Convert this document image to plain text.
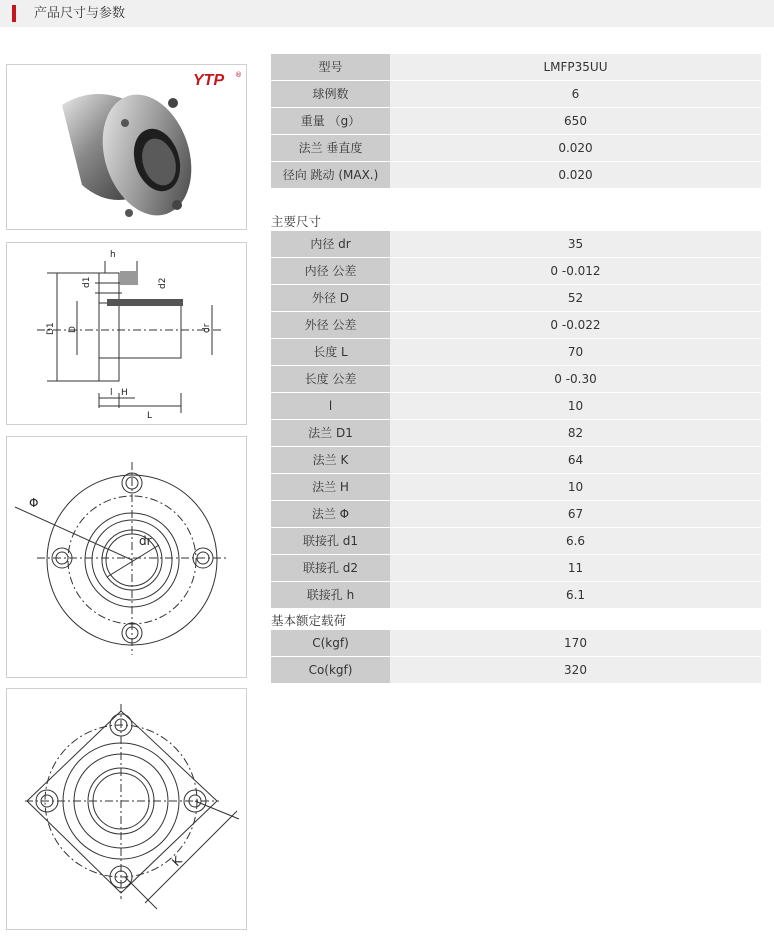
产品尺寸与参数
YTP ®
h
d1	d2
D1 D	dr
l H
L
Φ
dr
K
型号	LMFP35UU
球例数	6
重量 （g）	650
法兰 垂直度	0.020
径向 跳动 (MAX.)	0.020
主要尺寸
内径 dr	35
内径 公差	0 -0.012
外径 D	52
外径 公差	0 -0.022
长度 L	70
长度 公差	0 -0.30
l	10
法兰 D1	82
法兰 K	64
法兰 H	10
法兰 Φ	67
联接孔 d1	6.6
联接孔 d2	11
联接孔 h	6.1
基本额定载荷
C(kgf)	170
Co(kgf)	320
